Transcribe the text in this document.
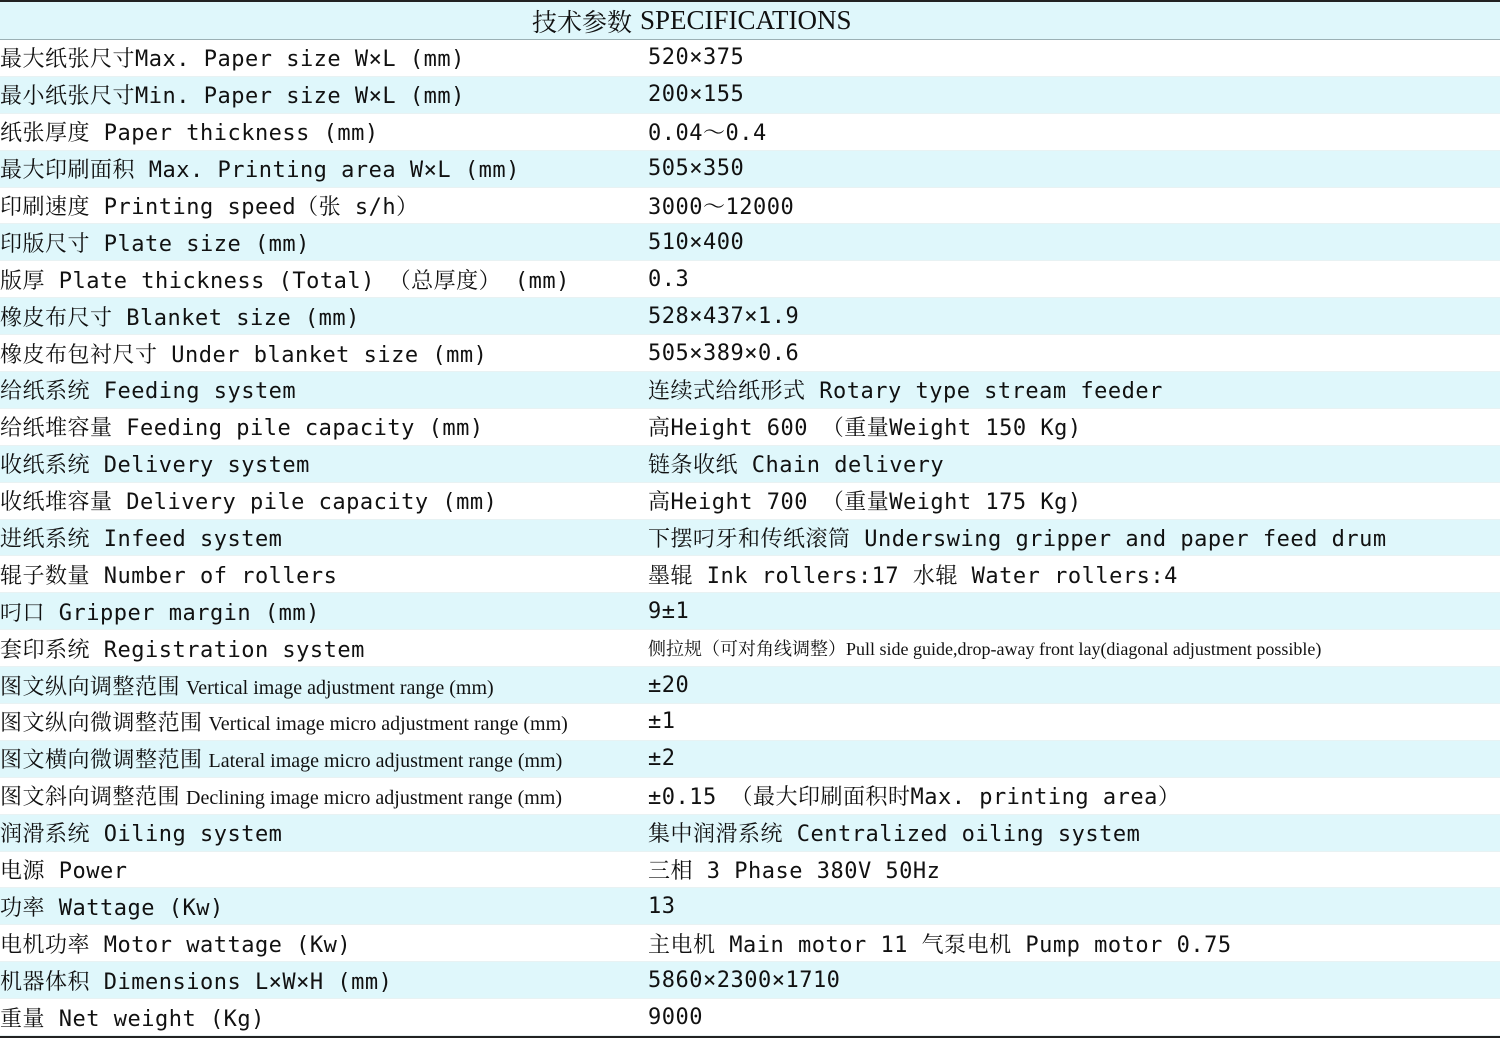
技术参数 SPECIFICATIONS
最大纸张尺寸Max. Paper size W×L (mm)	520×375
最小纸张尺寸Min. Paper size W×L (mm)	200×155
纸张厚度 Paper thickness (mm)	0.04～0.4
最大印刷面积 Max. Printing area W×L (mm)	505×350
印刷速度 Printing speed（张 s/h）	3000～12000
印版尺寸 Plate size (mm)	510×400
版厚 Plate thickness (Total) （总厚度） (mm)	0.3
橡皮布尺寸 Blanket size (mm)	528×437×1.9
橡皮布包衬尺寸 Under blanket size (mm)	505×389×0.6
给纸系统 Feeding system	连续式给纸形式 Rotary type stream feeder
给纸堆容量 Feeding pile capacity (mm)	高Height 600 （重量Weight 150 Kg)
收纸系统 Delivery system	链条收纸 Chain delivery
收纸堆容量 Delivery pile capacity (mm)	高Height 700 （重量Weight 175 Kg)
进纸系统 Infeed system	下摆叼牙和传纸滚筒 Underswing gripper and paper feed drum
辊子数量 Number of rollers	墨辊 Ink rollers:17 水辊 Water rollers:4
叼口 Gripper margin (mm)	9±1
套印系统 Registration system	侧拉规（可对角线调整）Pull side guide,drop-away front lay(diagonal adjustment possible)
图文纵向调整范围 Vertical image adjustment range (mm)	±20
图文纵向微调整范围 Vertical image micro adjustment range (mm)	±1
图文横向微调整范围 Lateral image micro adjustment range (mm)	±2
图文斜向调整范围 Declining image micro adjustment range (mm)	±0.15 （最大印刷面积时Max. printing area）
润滑系统 Oiling system	集中润滑系统 Centralized oiling system
电源 Power	三相 3 Phase 380V 50Hz
功率 Wattage (Kw)	13
电机功率 Motor wattage (Kw)	主电机 Main motor 11 气泵电机 Pump motor 0.75
机器体积 Dimensions L×W×H (mm)	5860×2300×1710
重量 Net weight (Kg)	9000
